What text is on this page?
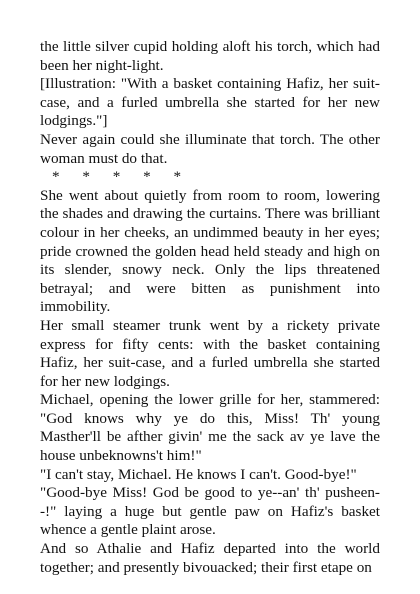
the little silver cupid holding aloft his torch, which had been her night-light.

[Illustration: "With a basket containing Hafiz, her suit-case, and a furled umbrella she started for her new lodgings."]

Never again could she illuminate that torch. The other woman must do that.

*      *      *      *      *

She went about quietly from room to room, lowering the shades and drawing the curtains. There was brilliant colour in her cheeks, an undimmed beauty in her eyes; pride crowned the golden head held steady and high on its slender, snowy neck. Only the lips threatened betrayal; and were bitten as punishment into immobility.

Her small steamer trunk went by a rickety private express for fifty cents: with the basket containing Hafiz, her suit-case, and a furled umbrella she started for her new lodgings.

Michael, opening the lower grille for her, stammered: "God knows why ye do this, Miss! Th' young Masther'll be afther givin' me the sack av ye lave the house unbeknowns't him!"

"I can't stay, Michael. He knows I can't. Good-bye!"

"Good-bye Miss! God be good to ye--an' th' pusheen--!" laying a huge but gentle paw on Hafiz's basket whence a gentle plaint arose.

And so Athalie and Hafiz departed into the world together; and presently bivouacked; their first etape on
